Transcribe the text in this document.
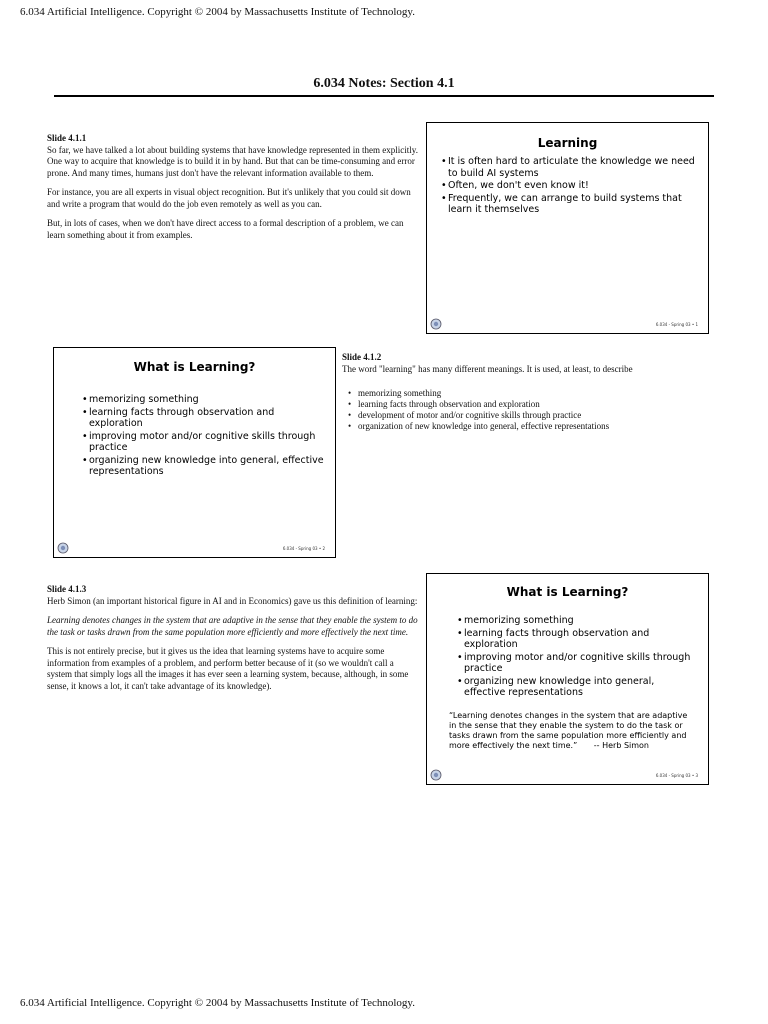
6.034 Artificial Intelligence. Copyright © 2004 by Massachusetts Institute of Technology.
6.034 Notes: Section 4.1

Slide 4.1.1

So far, we have talked a lot about building systems that have knowledge represented in them explicitly. One way to acquire that knowledge is to build it in by hand. But that can be time-consuming and error prone. And many times, humans just don't have the relevant information available to them.

For instance, you are all experts in visual object recognition. But it's unlikely that you could sit down and write a program that would do the job even remotely as well as you can.

But, in lots of cases, when we don't have direct access to a formal description of a problem, we can learn something about it from examples.

Learning
• It is often hard to articulate the knowledge we need to build AI systems
• Often, we don't even know it!
• Frequently, we can arrange to build systems that learn it themselves
6.034 - Spring 03 • 1
What is Learning?
• memorizing something
• learning facts through observation and exploration
• improving motor and/or cognitive skills through practice
• organizing new knowledge into general, effective representations
6.034 - Spring 03 • 2

Slide 4.1.2

The word "learning" has many different meanings. It is used, at least, to describe

• memorizing something
• learning facts through observation and exploration
• development of motor and/or cognitive skills through practice
• organization of new knowledge into general, effective representations

Slide 4.1.3

Herb Simon (an important historical figure in AI and in Economics) gave us this definition of learning:

Learning denotes changes in the system that are adaptive in the sense that they enable the system to do the task or tasks drawn from the same population more efficiently and more effectively the next time.

This is not entirely precise, but it gives us the idea that learning systems have to acquire some information from examples of a problem, and perform better because of it (so we wouldn't call a system that simply logs all the images it has ever seen a learning system, because, although, in some sense, it knows a lot, it can't take advantage of its knowledge).

What is Learning?
• memorizing something
• learning facts through observation and exploration
• improving motor and/or cognitive skills through practice
• organizing new knowledge into general, effective representations
“Learning denotes changes in the system that are adaptive in the sense that they enable the system to do the task or tasks drawn from the same population more efficiently and more effectively the next time.” -- Herb Simon
6.034 - Spring 03 • 3
6.034 Artificial Intelligence. Copyright © 2004 by Massachusetts Institute of Technology.
